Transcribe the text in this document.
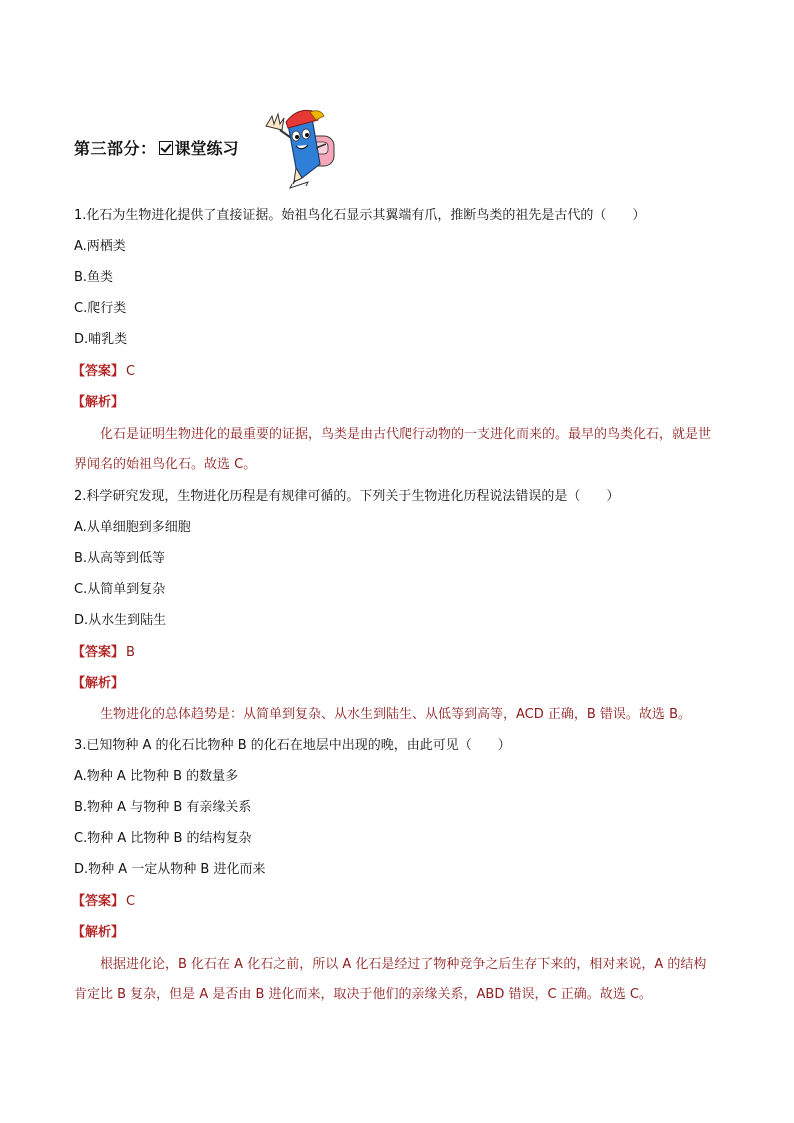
第三部分： 课堂练习
1.化石为生物进化提供了直接证据。始祖鸟化石显示其翼端有爪，推断鸟类的祖先是古代的（　　）
A.两栖类
B.鱼类
C.爬行类
D.哺乳类
【答案】 C
【解析】
化石是证明生物进化的最重要的证据，鸟类是由古代爬行动物的一支进化而来的。最早的鸟类化石，就是世界闻名的始祖鸟化石。故选 C。
2.科学研究发现，生物进化历程是有规律可循的。下列关于生物进化历程说法错误的是（　　）
A.从单细胞到多细胞
B.从高等到低等
C.从简单到复杂
D.从水生到陆生
【答案】 B
【解析】
生物进化的总体趋势是：从简单到复杂、从水生到陆生、从低等到高等，ACD 正确，B 错误。故选 B。
3.已知物种 A 的化石比物种 B 的化石在地层中出现的晚，由此可见（　　）
A.物种 A 比物种 B 的数量多
B.物种 A 与物种 B 有亲缘关系
C.物种 A 比物种 B 的结构复杂
D.物种 A 一定从物种 B 进化而来
【答案】 C
【解析】
根据进化论，B 化石在 A 化石之前，所以 A 化石是经过了物种竞争之后生存下来的，相对来说，A 的结构肯定比 B 复杂，但是 A 是否由 B 进化而来，取决于他们的亲缘关系，ABD 错误，C 正确。故选 C。
